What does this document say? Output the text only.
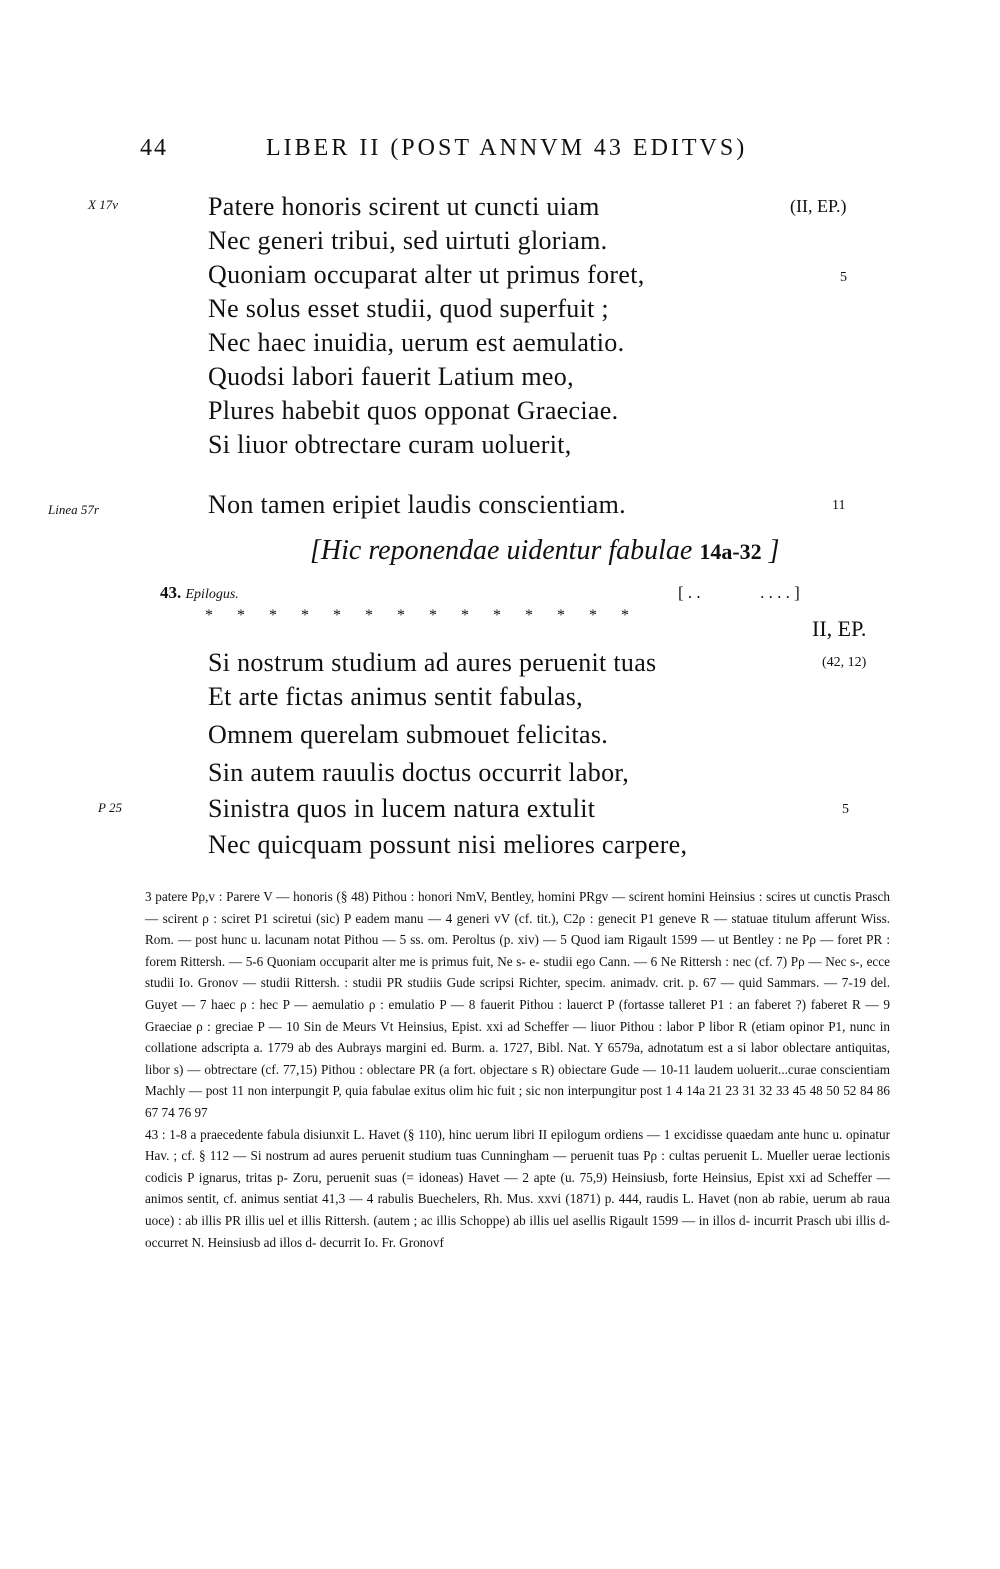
44	LIBER II (POST ANNVM 43 EDITVS)
X 17v	Patere honoris scirent ut cuncti uiam	(II, EP.)
Nec generi tribui, sed uirtuti gloriam.
Quoniam occuparat alter ut primus foret,	5
Ne solus esset studii, quod superfuit ;
Nec haec inuidia, uerum est aemulatio.
Quodsi labori fauerit Latium meo,
Plures habebit quos opponat Graeciae.
Si liuor obtrectare curam uoluerit,
Linea 57r	Non tamen eripiet laudis conscientiam.	11
[Hic reponendae uidentur fabulae 14a-32 ]
43. Epilogus.	[ . .              . . . . ]
* * * * * * * * * * * * * *
II, EP.
Si nostrum studium ad aures peruenit tuas	(42, 12)
Et arte fictas animus sentit fabulas,
Omnem querelam submouet felicitas.
Sin autem rauulis doctus occurrit labor,
P 25	Sinistra quos in lucem natura extulit	5
Nec quicquam possunt nisi meliores carpere,

3 patere Pρ,v : Parere V — honoris (§ 48) Pithou : honori NmV, Bentley, homini PRgv — scirent homini Heinsius : scires ut cunctis Prasch — scirent ρ : sciret P1 sciretui (sic) P eadem manu — 4 generi vV (cf. tit.), C2ρ : genecit P1 geneve R — statuae titulum afferunt Wiss. Rom. — post hunc u. lacunam notat Pithou — 5 ss. om. Peroltus (p. xiv) — 5 Quod iam Rigault 1599 — ut Bentley : ne Pρ — foret PR : forem Rittersh. — 5-6 Quoniam occuparit alter me is primus fuit, Ne s- e- studii ego Cann. — 6 Ne Rittersh : nec (cf. 7) Pρ — Nec s-, ecce studii Io. Gronov — studii Rittersh. : studii PR studiis Gude scripsi Richter, specim. animadv. crit. p. 67 — quid Sammars. — 7-19 del. Guyet — 7 haec ρ : hec P — aemulatio ρ : emulatio P — 8 fauerit Pithou : lauerct P (fortasse talleret P1 : an faberet ?) faberet R — 9 Graeciae ρ : greciae P — 10 Sin de Meurs Vt Heinsius, Epist. xxi ad Scheffer — liuor Pithou : labor P libor R (etiam opinor P1, nunc in collatione adscripta a. 1779 ab des Aubrays margini ed. Burm. a. 1727, Bibl. Nat. Y 6579a, adnotatum est a si labor oblectare antiquitas, libor s) — obtrectare (cf. 77,15) Pithou : oblectare PR (a fort. objectare s R) obiectare Gude — 10-11 laudem uoluerit...curae conscientiam Machly — post 11 non interpungit P, quia fabulae exitus olim hic fuit ; sic non interpungitur post 1 4 14a 21 23 31 32 33 45 48 50 52 84 86 67 74 76 97

43 : 1-8 a praecedente fabula disiunxit L. Havet (§ 110), hinc uerum libri II epilogum ordiens — 1 excidisse quaedam ante hunc u. opinatur Hav. ; cf. § 112 — Si nostrum ad aures peruenit studium tuas Cunningham — peruenit tuas Pρ : cultas peruenit L. Mueller uerae lectionis codicis P ignarus, tritas p- Zoru, peruenit suas (= idoneas) Havet — 2 apte (u. 75,9) Heinsiusb, forte Heinsius, Epist xxi ad Scheffer — animos sentit, cf. animus sentiat 41,3 — 4 rabulis Buechelers, Rh. Mus. xxvi (1871) p. 444, raudis L. Havet (non ab rabie, uerum ab raua uoce) : ab illis PR illis uel et illis Rittersh. (autem ; ac illis Schoppe) ab illis uel asellis Rigault 1599 — in illos d- incurrit Prasch ubi illis d- occurret N. Heinsiusb ad illos d- decurrit Io. Fr. Gronovf
